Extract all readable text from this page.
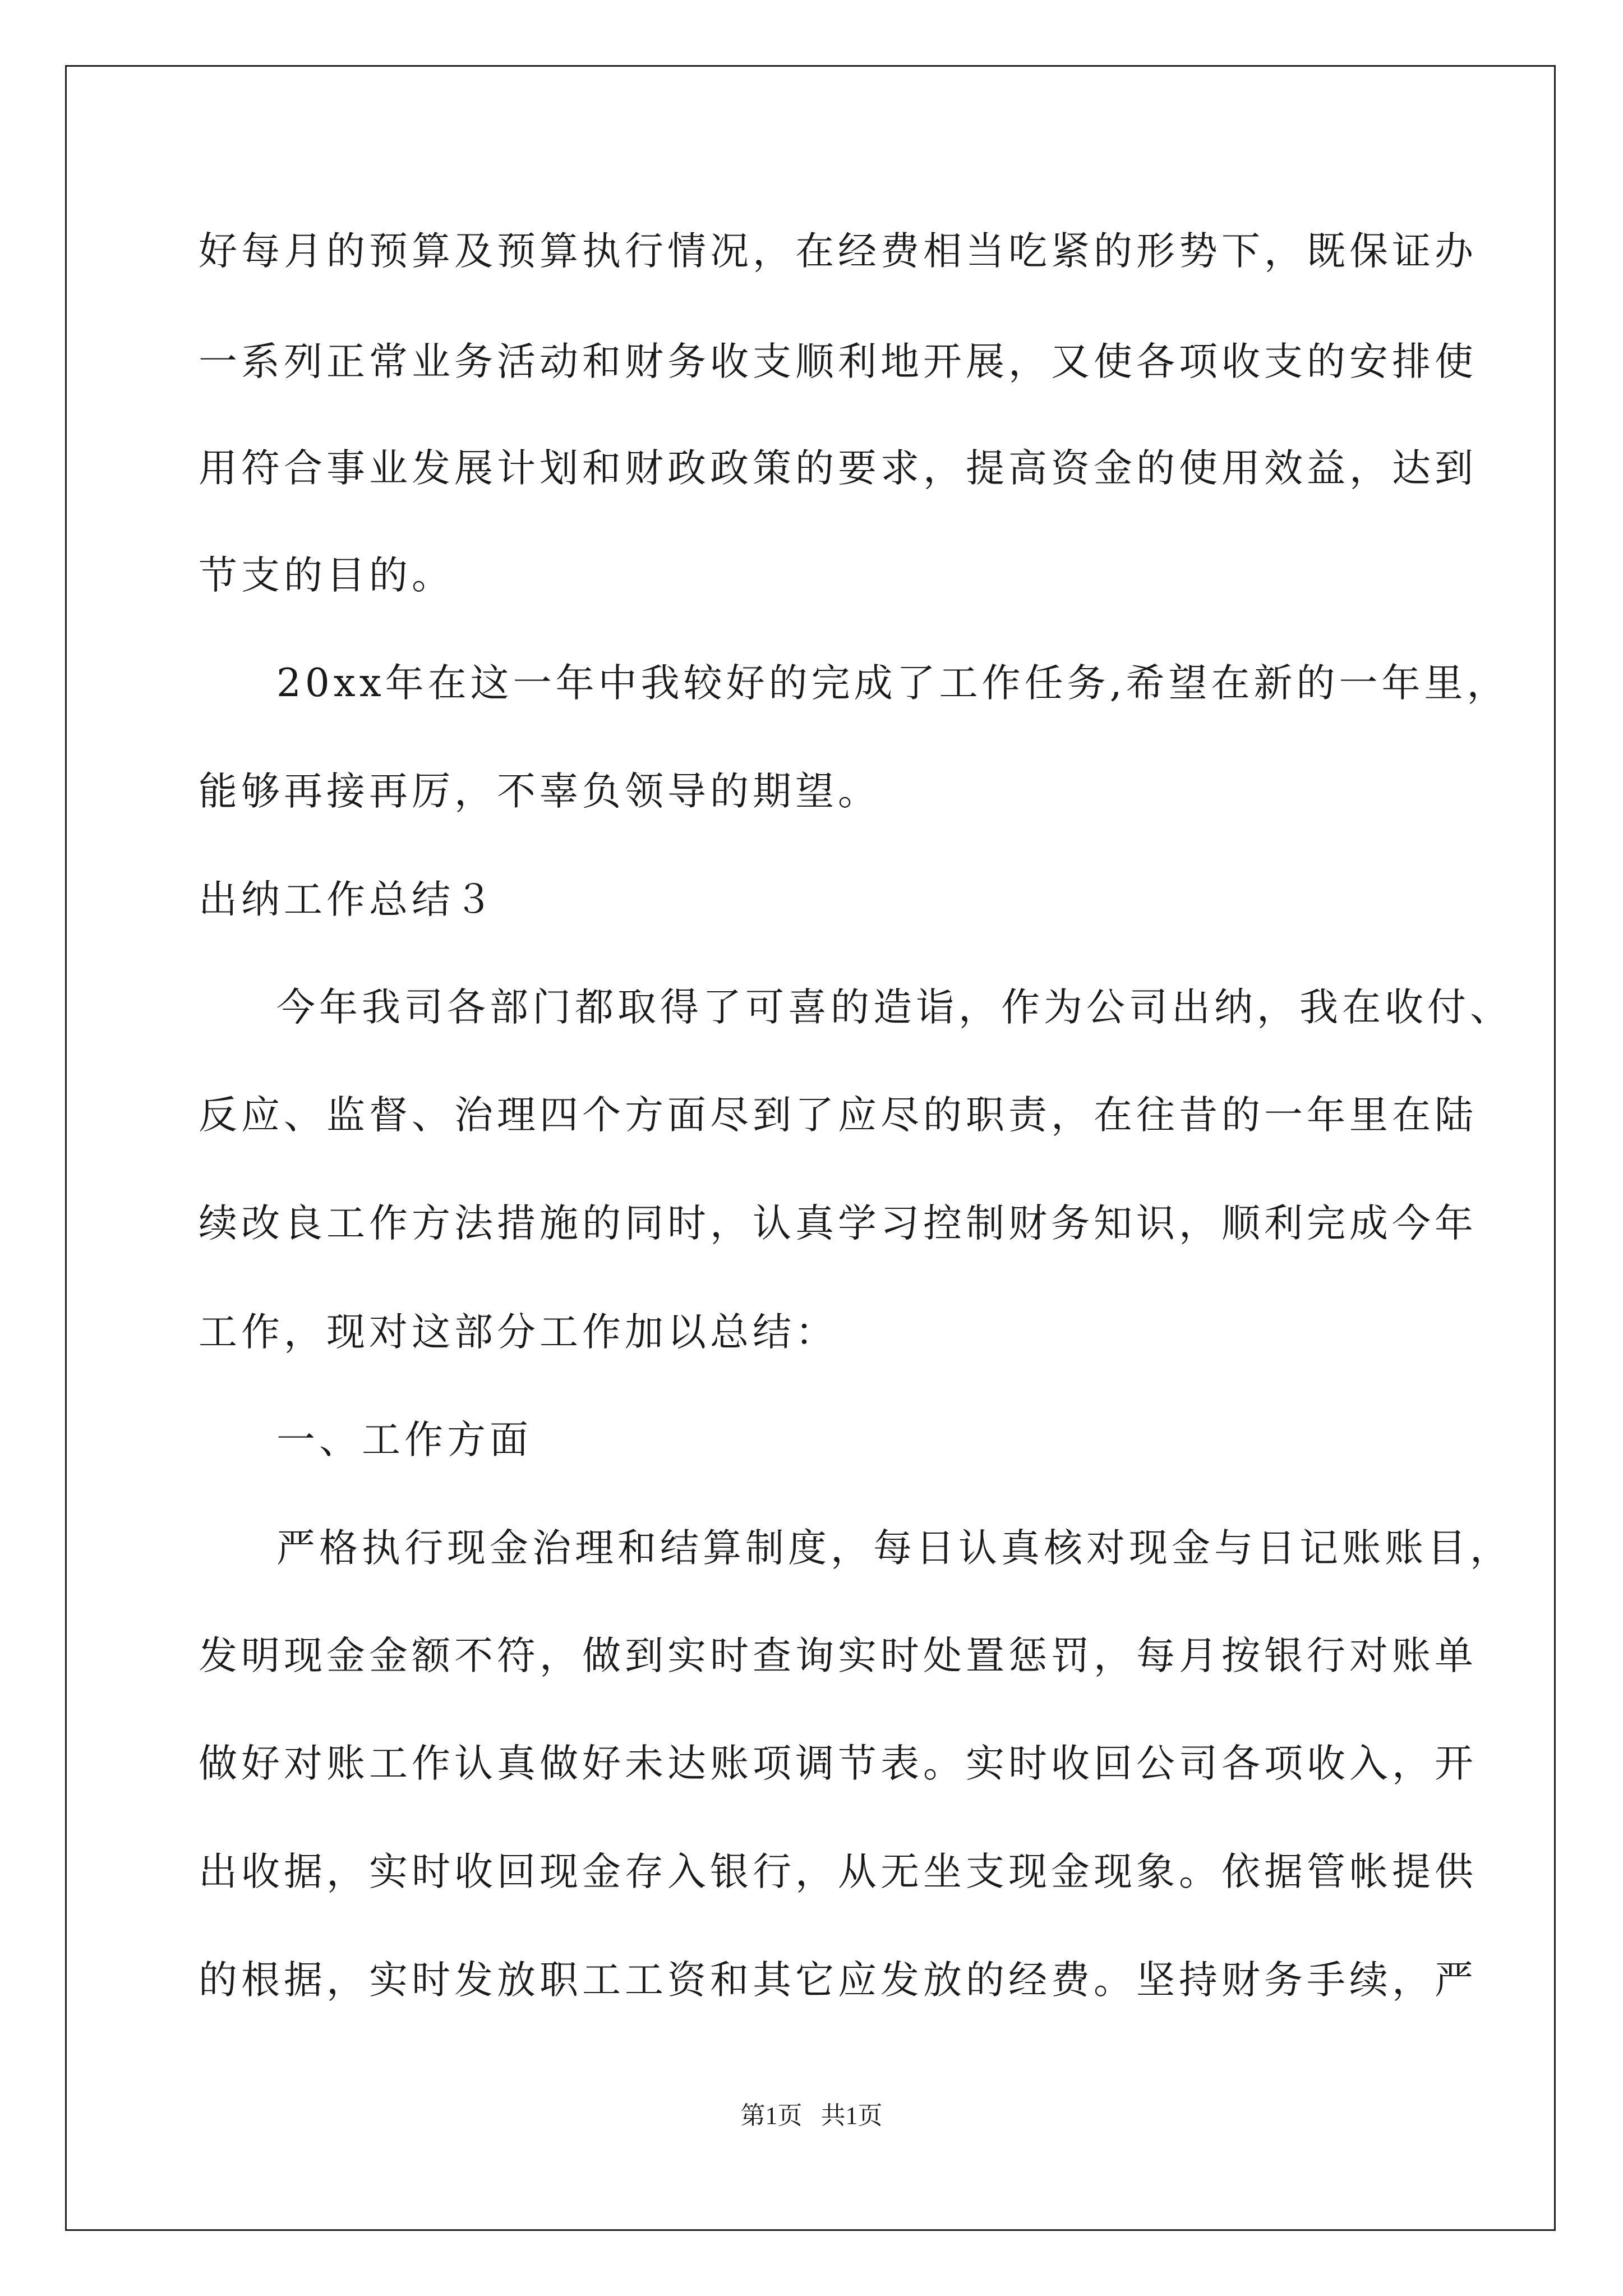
好每月的预算及预算执行情况，在经费相当吃紧的形势下，既保证办
一系列正常业务活动和财务收支顺利地开展，又使各项收支的安排使
用符合事业发展计划和财政政策的要求，提高资金的使用效益，达到
节支的目的。
20xx年在这一年中我较好的完成了工作任务,希望在新的一年里，
能够再接再厉，不辜负领导的期望。
出纳工作总结３
今年我司各部门都取得了可喜的造诣，作为公司出纳，我在收付、
反应、监督、治理四个方面尽到了应尽的职责，在往昔的一年里在陆
续改良工作方法措施的同时，认真学习控制财务知识，顺利完成今年
工作，现对这部分工作加以总结：
一、工作方面
严格执行现金治理和结算制度，每日认真核对现金与日记账账目，
发明现金金额不符，做到实时查询实时处置惩罚，每月按银行对账单
做好对账工作认真做好未达账项调节表。实时收回公司各项收入，开
出收据，实时收回现金存入银行，从无坐支现金现象。依据管帐提供
的根据，实时发放职工工资和其它应发放的经费。坚持财务手续，严
第1页   共1页
